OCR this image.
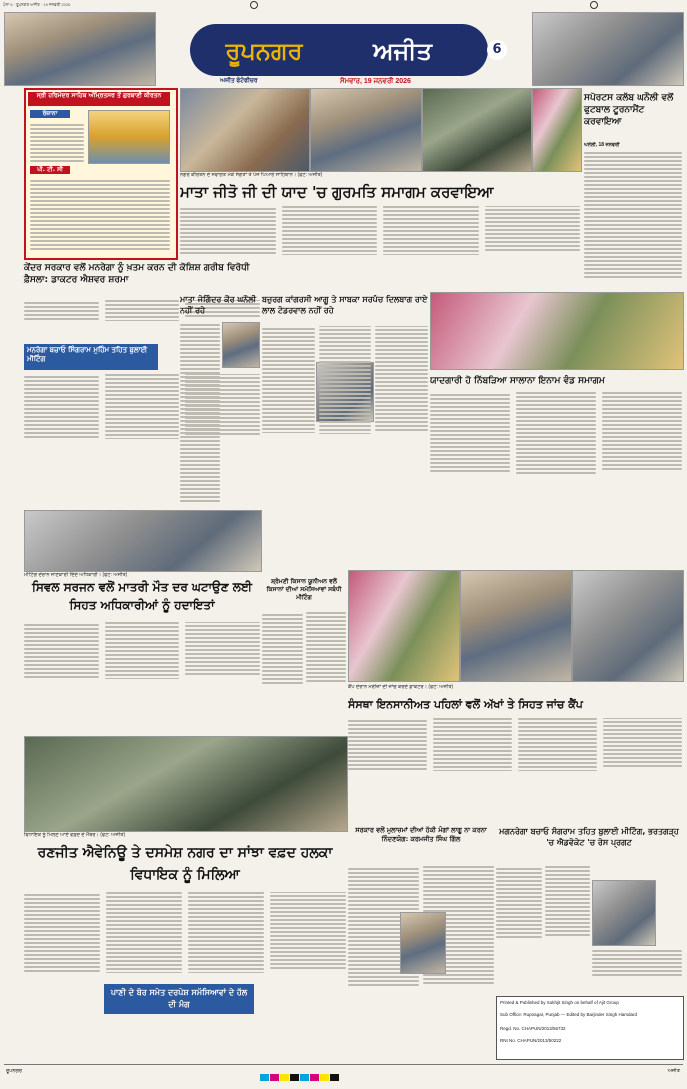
ਪੰਨਾ 6 · ਰੂਪਨਗਰ ਅਜੀਤ · 19 ਜਨਵਰੀ 2026
ਰੂਪਨਗਰ	ਅਜੀਤ	6
ਅਜੀਤ ਫੋਟੋਫੀਚਰ	ਸੋਮਵਾਰ, 19 ਜਨਵਰੀ 2026
ਸ੍ਰੀ ਹਰਿਮੰਦਰ ਸਾਹਿਬ ਅੰਮ੍ਰਿਤਸਰ ਤੋਂ ਗੁਰਬਾਣੀ ਕੀਰਤਨ
ਰੋਜ਼ਾਨਾ
ਪੀ. ਟੀ. ਸੀ
ਨਗਰ ਕੀਰਤਨ ਦੇ ਸਵਾਗਤ ਮੌਕੇ ਸੰਗਤਾਂ ਤੇ ਪੰਜ ਪਿਆਰੇ ਸਾਹਿਬਾਨ। (ਫੋਟੋ: ਅਜੀਤ)
ਸਪੋਰਟਸ ਕਲੱਬ ਘਨੌਲੀ ਵਲੋਂ ਫੁਟਬਾਲ ਟੂਰਨਾਮੈਂਟ ਕਰਵਾਇਆ
ਘਨੌਲੀ, 18 ਜਨਵਰੀ
ਮਾਤਾ ਜੀਤੋ ਜੀ ਦੀ ਯਾਦ 'ਚ ਗੁਰਮਤਿ ਸਮਾਗਮ ਕਰਵਾਇਆ
ਕੇਂਦਰ ਸਰਕਾਰ ਵਲੋਂ ਮਨਰੇਗਾ ਨੂੰ ਖ਼ਤਮ ਕਰਨ ਦੀ ਕੋਸ਼ਿਸ਼ ਗਰੀਬ ਵਿਰੋਧੀ ਫ਼ੈਸਲਾ: ਡਾਕਟਰ ਐਸ਼ਵਰ ਸ਼ਰਮਾ
ਮਨਰੇਗਾ ਬਚਾਓ ਸਿੰਗਰਾਮ ਮੁਹਿੰਮ ਤਹਿਤ ਬੁਲਾਈ ਮੀਟਿੰਗ
ਮੀਟਿੰਗ ਦੌਰਾਨ ਜਾਣਕਾਰੀ ਦਿੰਦੇ ਅਧਿਕਾਰੀ। (ਫੋਟੋ: ਅਜੀਤ)
ਮਾਤਾ ਜੋਗਿੰਦਰ ਕੌਰ ਘਨੌਲੀ ਨਹੀਂ ਰਹੇ
ਬਜ਼ੁਰਗ ਕਾਂਗਰਸੀ ਆਗੂ ਤੇ ਸਾਬਕਾ ਸਰਪੰਚ ਦਿਲਬਾਗ ਰਾਏ ਲਾਲ ਟੋਡਰਵਾਲ ਨਹੀਂ ਰਹੇ
ਯਾਦਗਾਰੀ ਹੋ ਨਿੱਬੜਿਆ ਸਾਲਾਨਾ ਇਨਾਮ ਵੰਡ ਸਮਾਗਮ
ਸਿਵਲ ਸਰਜਨ ਵਲੋਂ ਮਾਤਰੀ ਮੌਤ ਦਰ ਘਟਾਉਣ ਲਈ ਸਿਹਤ ਅਧਿਕਾਰੀਆਂ ਨੂੰ ਹਦਾਇਤਾਂ
ਸ਼੍ਰੋਮਣੀ ਕਿਸਾਨ ਯੂਨੀਅਨ ਵਲੋਂ ਕਿਸਾਨਾਂ ਦੀਆਂ ਸਮੱਸਿਆਵਾਂ ਸਬੰਧੀ ਮੀਟਿੰਗ
ਕੈਂਪ ਦੌਰਾਨ ਮਰੀਜ਼ਾਂ ਦੀ ਜਾਂਚ ਕਰਦੇ ਡਾਕਟਰ। (ਫੋਟੋ: ਅਜੀਤ)
ਸੰਸਥਾ ਇਨਸਾਨੀਅਤ ਪਹਿਲਾਂ ਵਲੋਂ ਅੱਖਾਂ ਤੇ ਸਿਹਤ ਜਾਂਚ ਕੈਂਪ
ਵਿਧਾਇਕ ਨੂੰ ਮਿਲਣ ਆਏ ਵਫ਼ਦ ਦੇ ਮੈਂਬਰ। (ਫੋਟੋ: ਅਜੀਤ)
ਸਰਕਾਰ ਵਲੋਂ ਮੁਲਾਜ਼ਮਾਂ ਦੀਆਂ ਹੱਕੀ ਮੰਗਾਂ ਲਾਗੂ ਨਾ ਕਰਨਾ ਨਿੰਦਣਯੋਗ: ਕਰਮਜੀਤ ਸਿੰਘ ਗਿੱਲ
ਮਗਨਰੇਗਾ ਬਚਾਓ ਸੰਗਰਾਮ ਤਹਿਤ ਬੁਲਾਈ ਮੀਟਿੰਗ, ਭਰਤਗੜ੍ਹ 'ਚ ਐਡਵੋਕੇਟ 'ਚ ਰੋਸ ਪ੍ਰਗਟ
Printed & Published by Sukhjit Singh on behalf of Ajit Group
Sub Office: Rupnagar, Punjab — Edited by Barjinder Singh Hamdard
Regd. No. CHAPUN/2013/56732
RNI No. CHAPUN/2013/50222
ਰਣਜੀਤ ਐਵੇਨਿਊ ਤੇ ਦਸਮੇਸ਼ ਨਗਰ ਦਾ ਸਾਂਝਾ ਵਫ਼ਦ ਹਲਕਾ ਵਿਧਾਇਕ ਨੂੰ ਮਿਲਿਆ
ਪਾਣੀ ਦੇ ਬੋਰ ਸਮੇਤ ਦਰਪੇਸ਼ ਸਮੱਸਿਆਵਾਂ ਦੇ ਹੱਲ ਦੀ ਮੰਗ
ਰੂਪਨਗਰ	ਅਜੀਤ
